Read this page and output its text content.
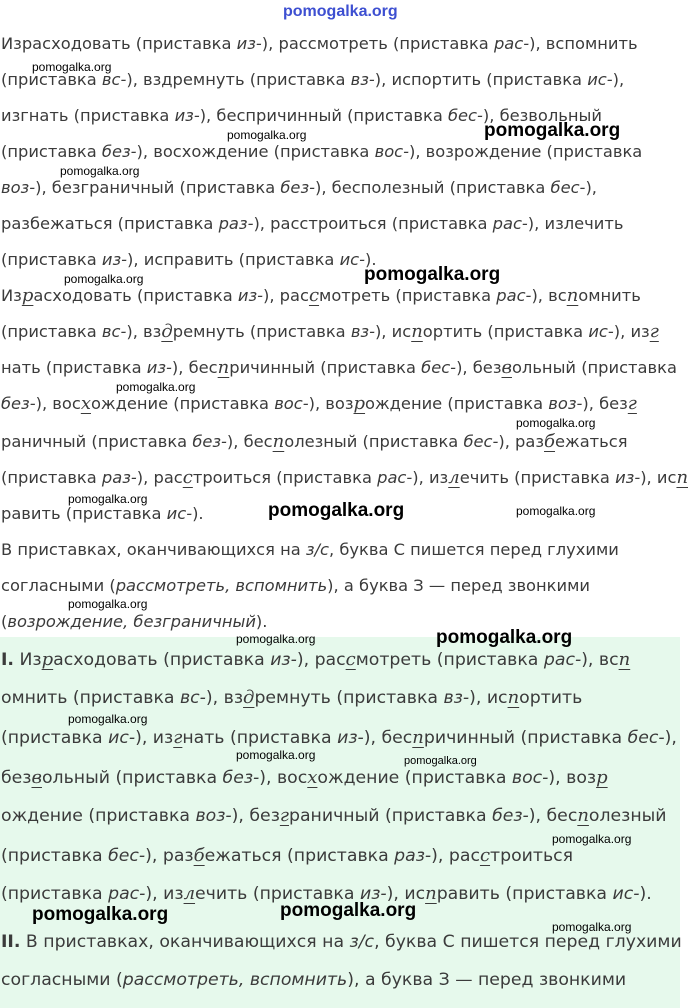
Израсходовать (приставка из-), рассмотреть (приставка рас-), вспомнить
(приставка вс-), вздремнуть (приставка вз-), испортить (приставка ис-),
изгнать (приставка из-), беспричинный (приставка бес-), безвольный
(приставка без-), восхождение (приставка вос-), возрождение (приставка
воз-), безграничный (приставка без-), бесполезный (приставка бес-),
разбежаться (приставка раз-), расстроиться (приставка рас-), излечить
(приставка из-), исправить (приставка ис-).
Израсходовать (приставка из-), рассмотреть (приставка рас-), вспомнить
(приставка вс-), вздремнуть (приставка вз-), испортить (приставка ис-), изг
нать (приставка из-), беспричинный (приставка бес-), безвольный (приставка
без-), восхождение (приставка вос-), возрождение (приставка воз-), безг
раничный (приставка без-), бесполезный (приставка бес-), разбежаться
(приставка раз-), расстроиться (приставка рас-), излечить (приставка из-), исп
равить (приставка ис-).
В приставках, оканчивающихся на з/с, буква С пишется перед глухими
согласными (рассмотреть, вспомнить), а буква З — перед звонкими
(возрождение, безграничный).
I. Израсходовать (приставка из-), рассмотреть (приставка рас-), всп
омнить (приставка вс-), вздремнуть (приставка вз-), испортить
(приставка ис-), изгнать (приставка из-), беспричинный (приставка бес-),
безвольный (приставка без-), восхождение (приставка вос-), возр
ождение (приставка воз-), безграничный (приставка без-), бесполезный
(приставка бес-), разбежаться (приставка раз-), расстроиться
(приставка рас-), излечить (приставка из-), исправить (приставка ис-).
II. В приставках, оканчивающихся на з/с, буква С пишется перед глухими
согласными (рассмотреть, вспомнить), а буква З — перед звонкими
pomogalka.org
pomogalka.org
pomogalka.org	pomogalka.org
pomogalka.org
pomogalka.org	pomogalka.org
pomogalka.org
pomogalka.org
pomogalka.org
pomogalka.org	pomogalka.org
pomogalka.org
pomogalka.org	pomogalka.org
pomogalka.org
pomogalka.org	pomogalka.org
pomogalka.org
pomogalka.org	pomogalka.org
pomogalka.org
